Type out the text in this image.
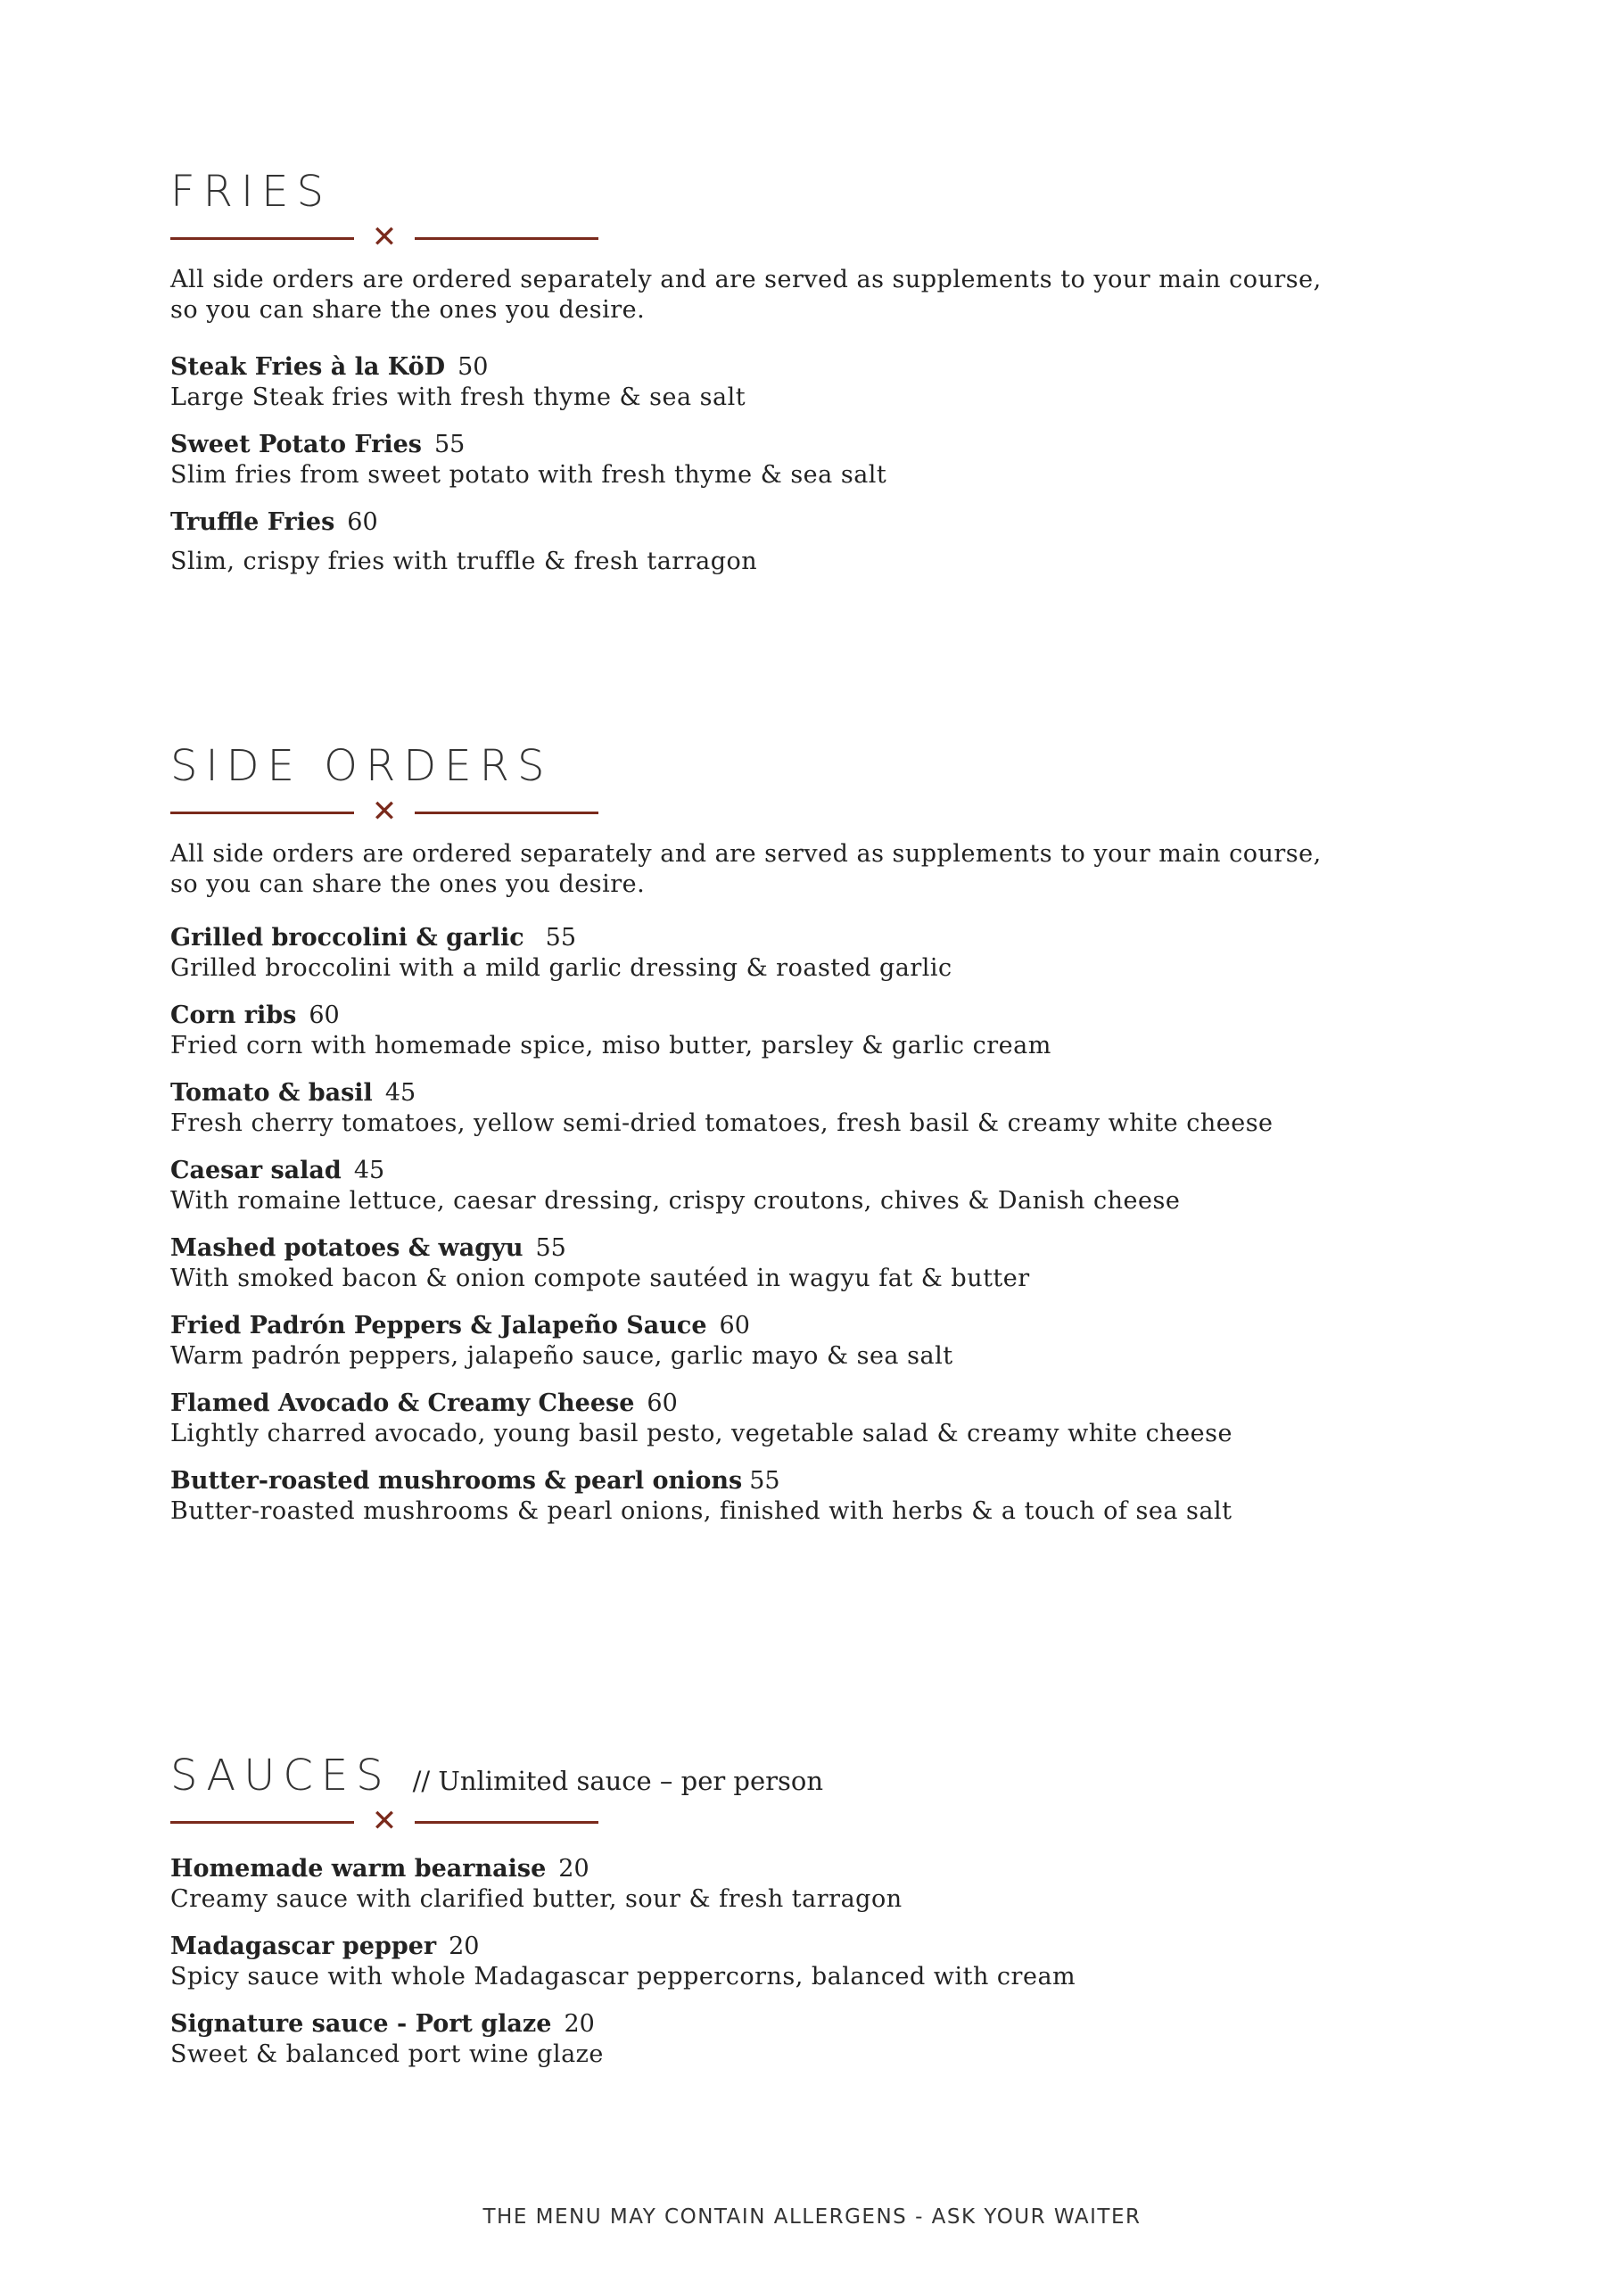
FRIES
✕

All side orders are ordered separately and are served as supplements to your main course,
so you can share the ones you desire.

Steak Fries à la KöD 50
Large Steak fries with fresh thyme & sea salt
Sweet Potato Fries 55
Slim fries from sweet potato with fresh thyme & sea salt
Truffle Fries 60
Slim, crispy fries with truffle & fresh tarragon
SIDE ORDERS
✕

All side orders are ordered separately and are served as supplements to your main course,
so you can share the ones you desire.

Grilled broccolini & garlic 55
Grilled broccolini with a mild garlic dressing & roasted garlic
Corn ribs 60
Fried corn with homemade spice, miso butter, parsley & garlic cream
Tomato & basil 45
Fresh cherry tomatoes, yellow semi-dried tomatoes, fresh basil & creamy white cheese
Caesar salad 45
With romaine lettuce, caesar dressing, crispy croutons, chives & Danish cheese
Mashed potatoes & wagyu 55
With smoked bacon & onion compote sautéed in wagyu fat & butter
Fried Padrón Peppers & Jalapeño Sauce 60
Warm padrón peppers, jalapeño sauce, garlic mayo & sea salt
Flamed Avocado & Creamy Cheese 60
Lightly charred avocado, young basil pesto, vegetable salad & creamy white cheese
Butter-roasted mushrooms & pearl onions 55
Butter-roasted mushrooms & pearl onions, finished with herbs & a touch of sea salt
SAUCES // Unlimited sauce – per person
✕
Homemade warm bearnaise 20
Creamy sauce with clarified butter, sour & fresh tarragon
Madagascar pepper 20
Spicy sauce with whole Madagascar peppercorns, balanced with cream
Signature sauce - Port glaze 20
Sweet & balanced port wine glaze
THE MENU MAY CONTAIN ALLERGENS - ASK YOUR WAITER
